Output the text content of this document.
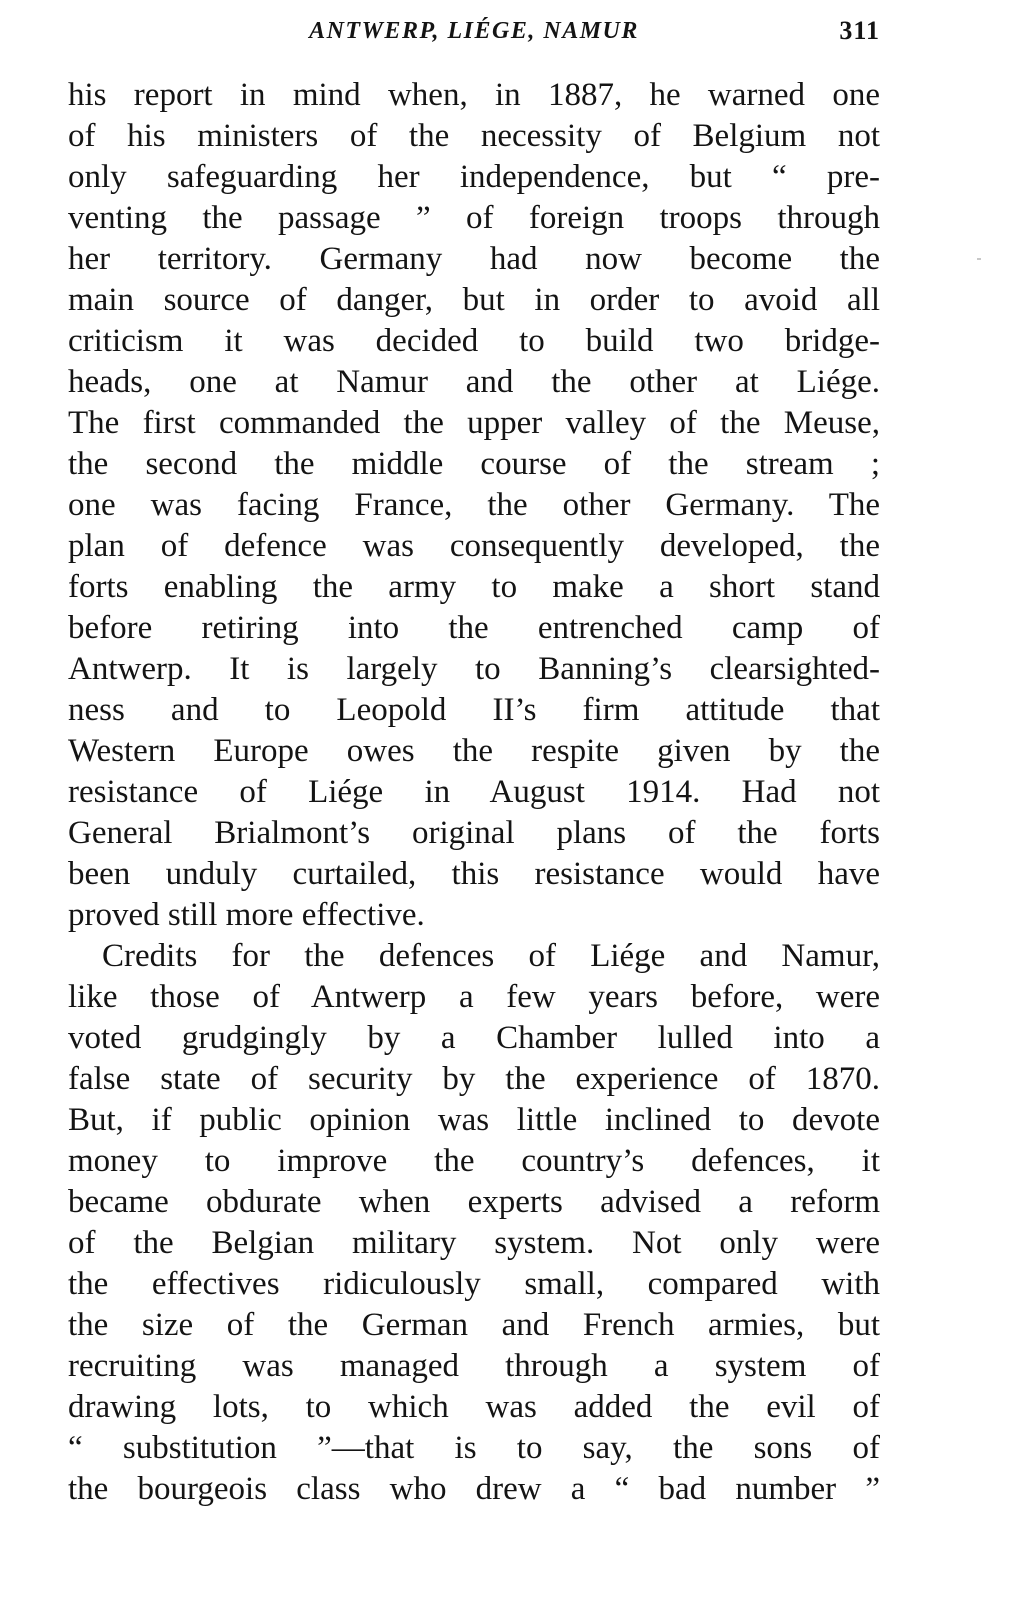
ANTWERP, LIÉGE, NAMUR	311
his report in mind when, in 1887, he warned one
of his ministers of the necessity of Belgium not
only safeguarding her independence, but “ pre-
venting the passage ” of foreign troops through
her territory. Germany had now become the
main source of danger, but in order to avoid all
criticism it was decided to build two bridge-
heads, one at Namur and the other at Liége.
The first commanded the upper valley of the Meuse,
the second the middle course of the stream ;
one was facing France, the other Germany. The
plan of defence was consequently developed, the
forts enabling the army to make a short stand
before retiring into the entrenched camp of
Antwerp. It is largely to Banning’s clearsighted-
ness and to Leopold II’s firm attitude that
Western Europe owes the respite given by the
resistance of Liége in August 1914. Had not
General Brialmont’s original plans of the forts
been unduly curtailed, this resistance would have
proved still more effective.
Credits for the defences of Liége and Namur,
like those of Antwerp a few years before, were
voted grudgingly by a Chamber lulled into a
false state of security by the experience of 1870.
But, if public opinion was little inclined to devote
money to improve the country’s defences, it
became obdurate when experts advised a reform
of the Belgian military system. Not only were
the effectives ridiculously small, compared with
the size of the German and French armies, but
recruiting was managed through a system of
drawing lots, to which was added the evil of
“ substitution ”—that is to say, the sons of
the bourgeois class who drew a “ bad number ”
